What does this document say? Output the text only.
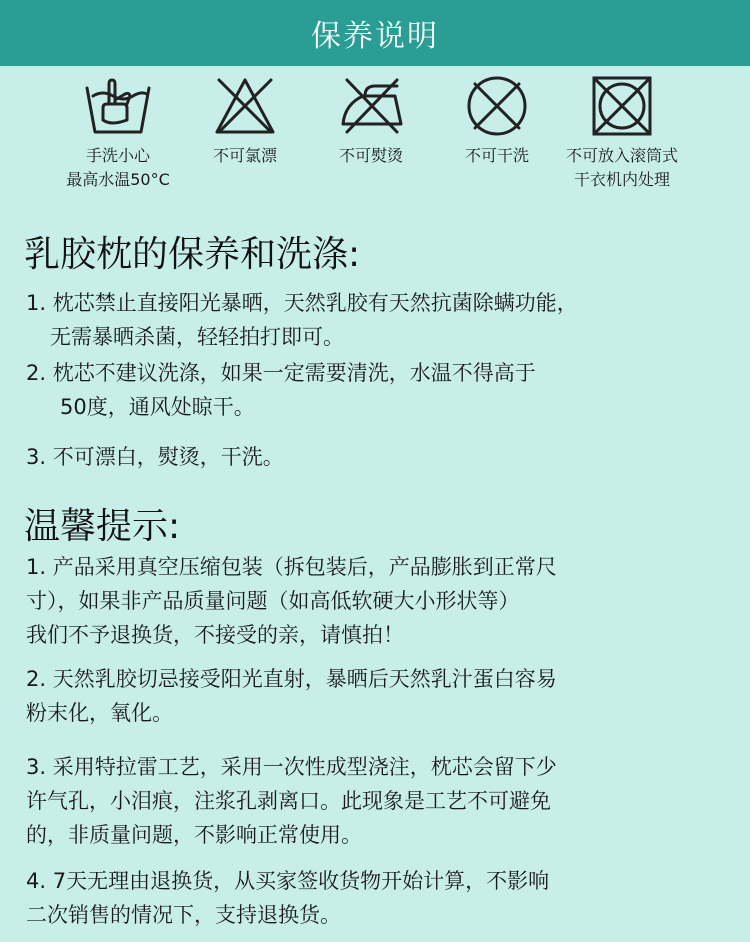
保养说明
手洗小心
最高水温50°C
不可氯漂	不可熨烫	不可干洗	不可放入滚筒式
干衣机内处理
乳胶枕的保养和洗涤:
1. 枕芯禁止直接阳光暴晒，天然乳胶有天然抗菌除螨功能，
无需暴晒杀菌，轻轻拍打即可。
2. 枕芯不建议洗涤，如果一定需要清洗，水温不得高于
50度，通风处晾干。
3. 不可漂白，熨烫，干洗。
温馨提示:
1. 产品采用真空压缩包装（拆包装后，产品膨胀到正常尺
寸），如果非产品质量问题（如高低软硬大小形状等）
我们不予退换货，不接受的亲，请慎拍！
2. 天然乳胶切忌接受阳光直射，暴晒后天然乳汁蛋白容易
粉末化，氧化。
3. 采用特拉雷工艺，采用一次性成型浇注，枕芯会留下少
许气孔，小泪痕，注浆孔剥离口。此现象是工艺不可避免
的，非质量问题，不影响正常使用。
4. 7天无理由退换货，从买家签收货物开始计算，不影响
二次销售的情况下，支持退换货。
